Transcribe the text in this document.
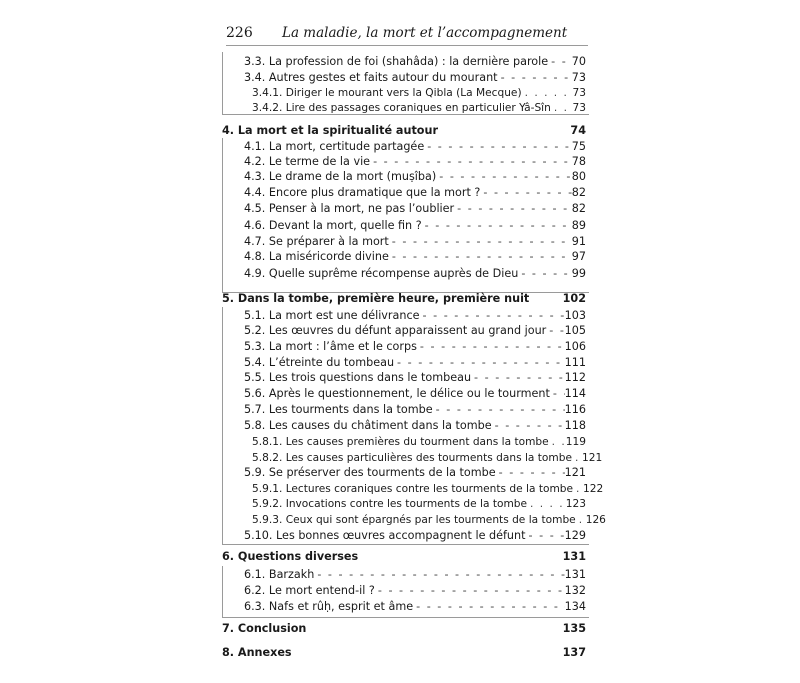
226 La maladie, la mort et l’accompagnement
3.3. La profession de foi (shahâda) : la dernière parole - - - 70
3.4. Autres gestes et faits autour du mourant - - -	73
3.4.1. Diriger le mourant vers la Qibla (La Mecque) . . .	73
3.4.2. Lire des passages coraniques en particulier Yâ-Sîn . . . 73
4. La mort et la spiritualité autour	74
4.1. La mort, certitude partagée - - -	75
4.2. Le terme de la vie - - -	78
4.3. Le drame de la mort (muṣîba) - - -	80
4.4. Encore plus dramatique que la mort ? - - -	82
4.5. Penser à la mort, ne pas l’oublier - - -	82
4.6. Devant la mort, quelle fin ? - - -	89
4.7. Se préparer à la mort - - -	91
4.8. La miséricorde divine - - -	97
4.9. Quelle suprême récompense auprès de Dieu - - -	99
5. Dans la tombe, première heure, première nuit	102
5.1. La mort est une délivrance - - -	103
5.2. Les œuvres du défunt apparaissent au grand jour - - - 105
5.3. La mort : l’âme et le corps - - -	106
5.4. L’étreinte du tombeau - - -	111
5.5. Les trois questions dans le tombeau - - -	112
5.6. Après le questionnement, le délice ou le tourment - - - 114
5.7. Les tourments dans la tombe - - -	116
5.8. Les causes du châtiment dans la tombe - - -	118
5.8.1. Les causes premières du tourment dans la tombe . . . 119
5.8.2. Les causes particulières des tourments dans la tombe . . . 121
5.9. Se préserver des tourments de la tombe - - -	121
5.9.1. Lectures coraniques contre les tourments de la tombe . . . 122
5.9.2. Invocations contre les tourments de la tombe . . .	123
5.9.3. Ceux qui sont épargnés par les tourments de la tombe . . . 126
5.10. Les bonnes œuvres accompagnent le défunt - - -	129
6. Questions diverses	131
6.1. Barzakh - - -	131
6.2. Le mort entend-il ? - - -	132
6.3. Nafs et rûḥ, esprit et âme - - -	134
7. Conclusion	135
8. Annexes	137
